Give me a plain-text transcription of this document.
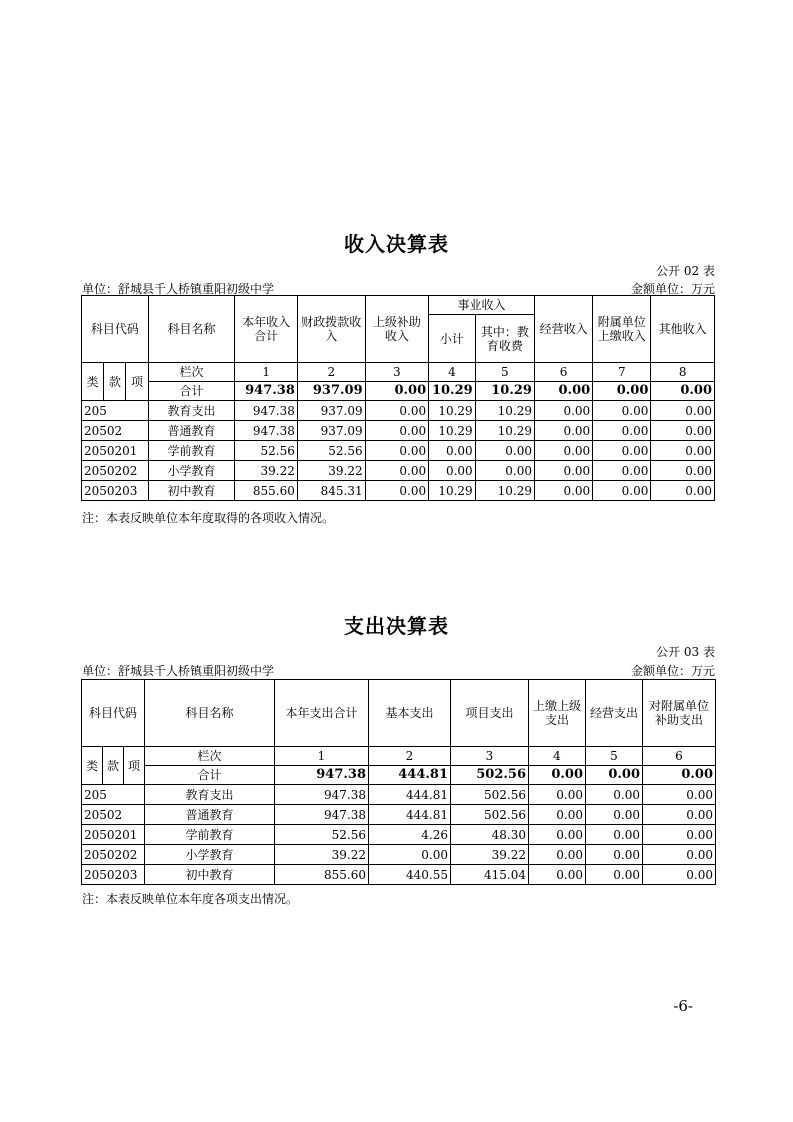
收入决算表
公开 02 表
单位：舒城县千人桥镇重阳初级中学	金额单位：万元
科目代码			科目名称	本年收入合计	财政拨款收入	上级补助收入	事业收入		经营收入	附属单位上缴收入	其他收入
							小计	其中：教育收费			
类	款	项	栏次	1	2	3	4	5	6	7	8
			合计	947.38	937.09	0.00	10.29	10.29	0.00	0.00	0.00
205			教育支出	947.38	937.09	0.00	10.29	10.29	0.00	0.00	0.00
20502			普通教育	947.38	937.09	0.00	10.29	10.29	0.00	0.00	0.00
2050201			学前教育	52.56	52.56	0.00	0.00	0.00	0.00	0.00	0.00
2050202			小学教育	39.22	39.22	0.00	0.00	0.00	0.00	0.00	0.00
2050203			初中教育	855.60	845.31	0.00	10.29	10.29	0.00	0.00	0.00
注：本表反映单位本年度取得的各项收入情况。
支出决算表
公开 03 表
单位：舒城县千人桥镇重阳初级中学	金额单位：万元
科目代码			科目名称	本年支出合计	基本支出	项目支出	上缴上级支出	经营支出	对附属单位补助支出
类	款	项	栏次	1	2	3	4	5	6
			合计	947.38	444.81	502.56	0.00	0.00	0.00
205			教育支出	947.38	444.81	502.56	0.00	0.00	0.00
20502			普通教育	947.38	444.81	502.56	0.00	0.00	0.00
2050201			学前教育	52.56	4.26	48.30	0.00	0.00	0.00
2050202			小学教育	39.22	0.00	39.22	0.00	0.00	0.00
2050203			初中教育	855.60	440.55	415.04	0.00	0.00	0.00
注：本表反映单位本年度各项支出情况。
-6-
